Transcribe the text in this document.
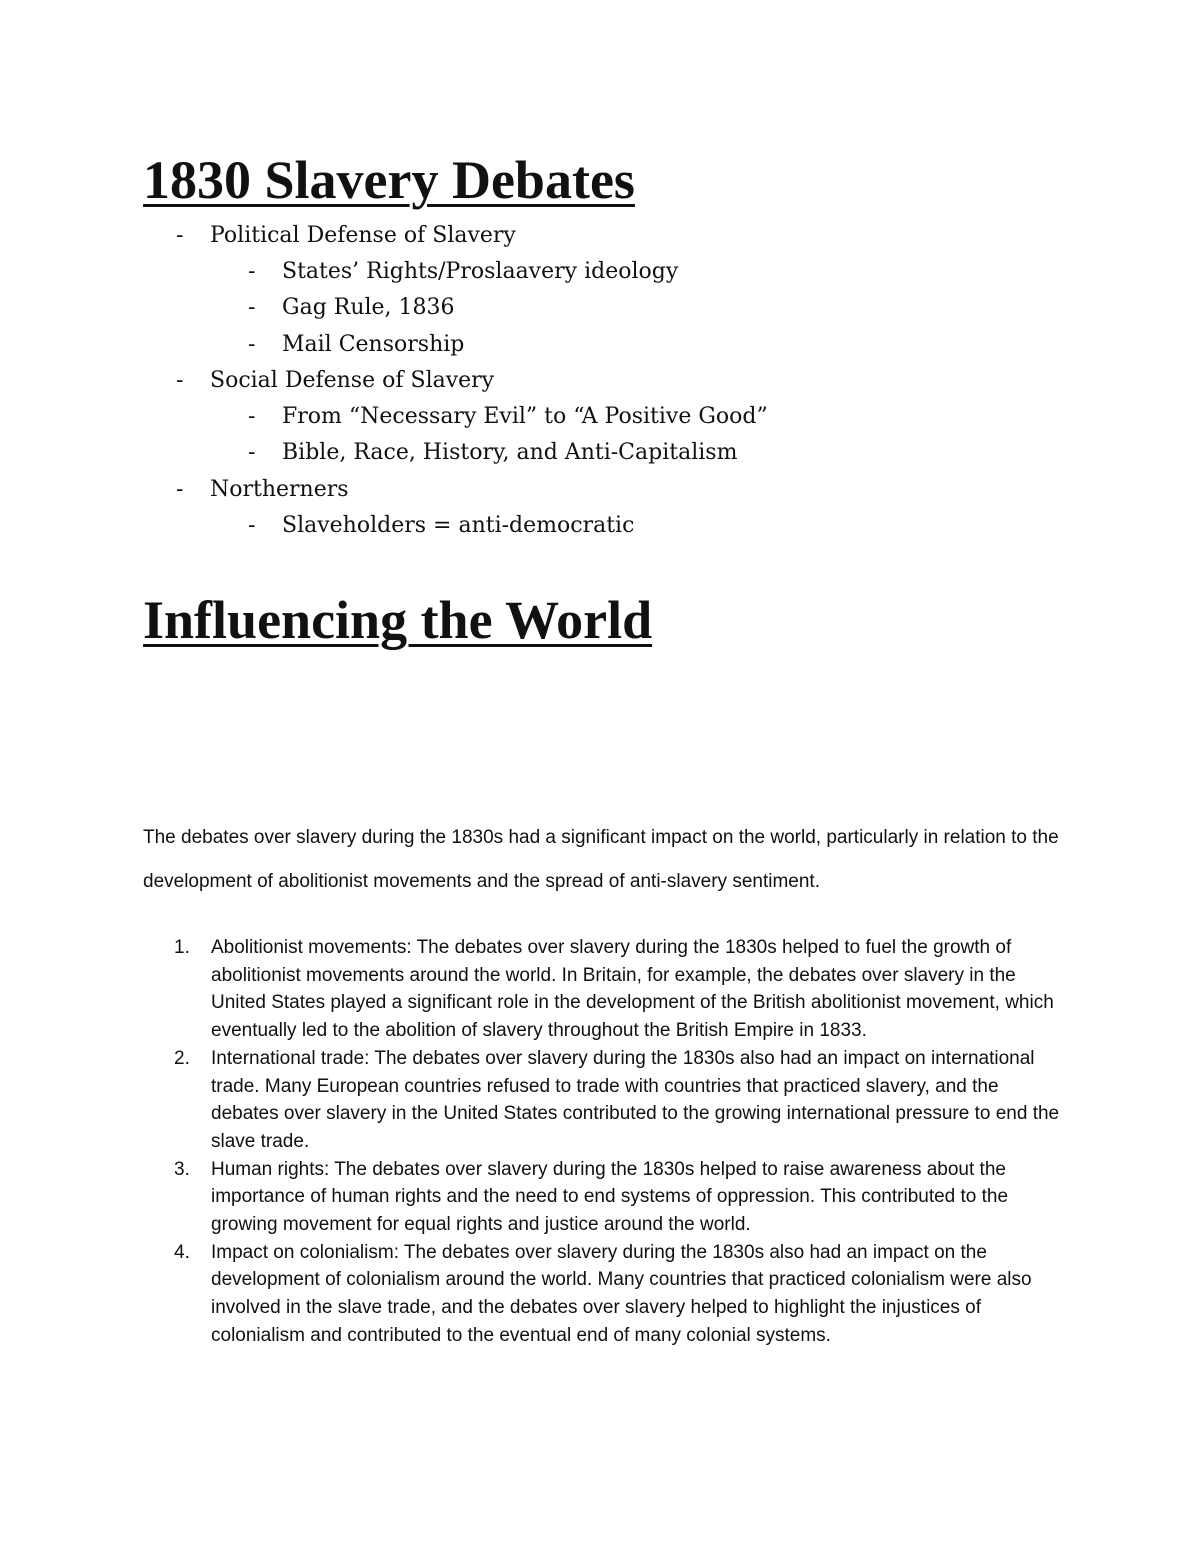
1830 Slavery Debates
- Political Defense of Slavery
- States’ Rights/Proslaavery ideology
- Gag Rule, 1836
- Mail Censorship
- Social Defense of Slavery
- From “Necessary Evil” to “A Positive Good”
- Bible, Race, History, and Anti-Capitalism
- Northerners
- Slaveholders = anti-democratic
Influencing the World

The debates over slavery during the 1830s had a significant impact on the world, particularly in relation to the development of abolitionist movements and the spread of anti-slavery sentiment.

1. Abolitionist movements: The debates over slavery during the 1830s helped to fuel the growth of abolitionist movements around the world. In Britain, for example, the debates over slavery in the United States played a significant role in the development of the British abolitionist movement, which eventually led to the abolition of slavery throughout the British Empire in 1833.
2. International trade: The debates over slavery during the 1830s also had an impact on international trade. Many European countries refused to trade with countries that practiced slavery, and the debates over slavery in the United States contributed to the growing international pressure to end the slave trade.
3. Human rights: The debates over slavery during the 1830s helped to raise awareness about the importance of human rights and the need to end systems of oppression. This contributed to the growing movement for equal rights and justice around the world.
4. Impact on colonialism: The debates over slavery during the 1830s also had an impact on the development of colonialism around the world. Many countries that practiced colonialism were also involved in the slave trade, and the debates over slavery helped to highlight the injustices of colonialism and contributed to the eventual end of many colonial systems.
